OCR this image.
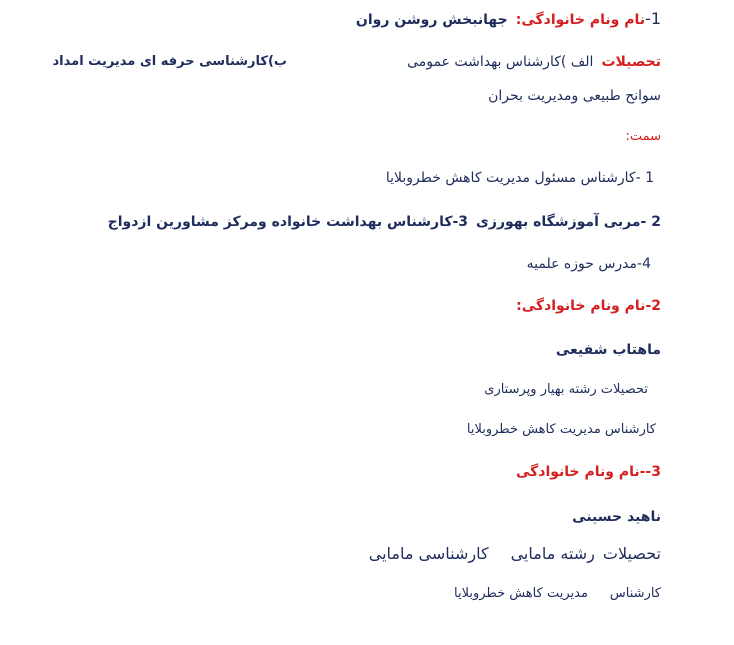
1-نام ونام خانوادگی:جهانبخش روشن روان
تحصیلاتالف )کارشناس بهداشت عمومی
ب)کارشناسی حرفه ای مدیریت امداد
سوانح طبیعی ومدیریت بحران
سمت:
1 -کارشناس مسئول مدیریت کاهش خطروبلایا
2 -مربی آموزشگاه بهورزی3-کارشناس بهداشت خانواده ومرکز مشاورین ازدواج
4-مدرس حوزه علمیه
2-نام ونام خانوادگی:
ماهتاب شفیعی
تحصیلات رشته بهیار وپرستاری
کارشناس مدیریت کاهش خطروبلایا
3--نام ونام خانوادگی
ناهید حسینی
تحصیلاترشته ماماییکارشناسی مامایی
کارشناسمدیریت کاهش خطروبلایا
